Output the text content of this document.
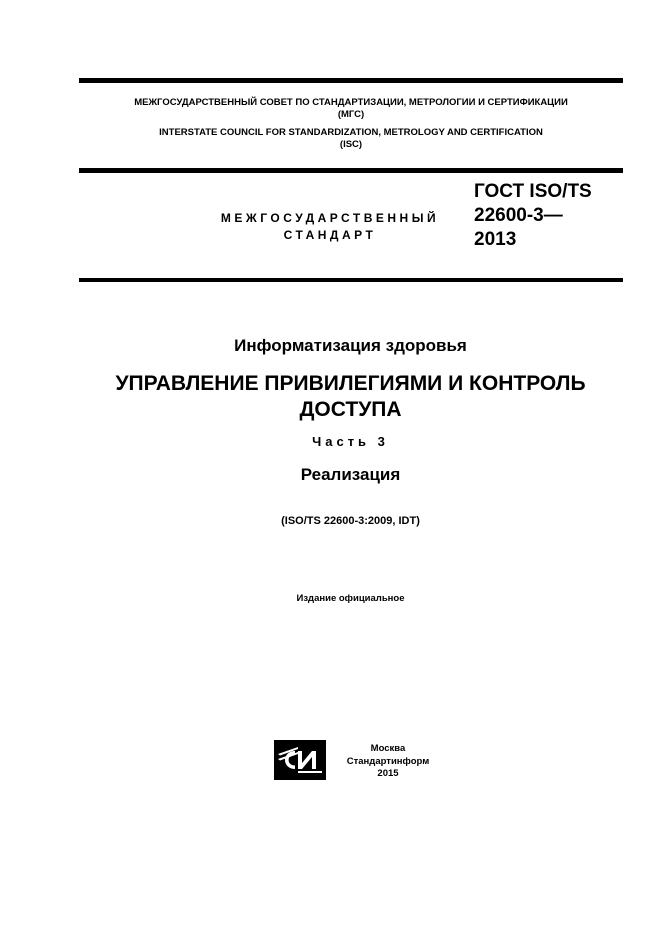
МЕЖГОСУДАРСТВЕННЫЙ СОВЕТ ПО СТАНДАРТИЗАЦИИ, МЕТРОЛОГИИ И СЕРТИФИКАЦИИ
(МГС)
INTERSTATE COUNCIL FOR STANDARDIZATION, METROLOGY AND CERTIFICATION
(ISC)
МЕЖГОСУДАРСТВЕННЫЙ
СТАНДАРТ
ГОСТ ISO/TS
22600-3—
2013
Информатизация здоровья
УПРАВЛЕНИЕ ПРИВИЛЕГИЯМИ И КОНТРОЛЬ
ДОСТУПА
Часть 3
Реализация
(ISO/TS 22600-3:2009, IDT)
Издание официальное
Москва
Стандартинформ
2015
